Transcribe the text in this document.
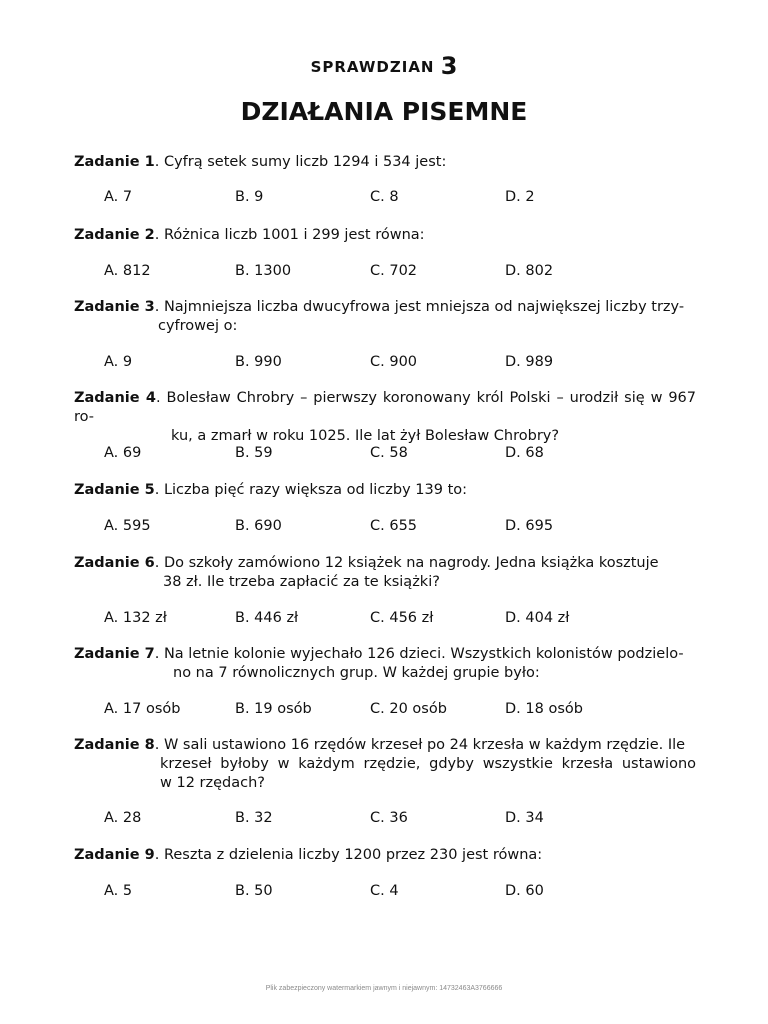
SPRAWDZIAN 3
DZIAŁANIA PISEMNE
Zadanie 1. Cyfrą setek sumy liczb 1294 i 534 jest:
A. 7	B. 9	C. 8	D. 2
Zadanie 2. Różnica liczb 1001 i 299 jest równa:
A. 812	B. 1300	C. 702	D. 802
Zadanie 3. Najmniejsza liczba dwucyfrowa jest mniejsza od największej liczby trzy-
cyfrowej o:
A. 9	B. 990	C. 900	D. 989
Zadanie 4. Bolesław Chrobry – pierwszy koronowany król Polski – urodził się w 967 ro-
ku, a zmarł w roku 1025. Ile lat żył Bolesław Chrobry?
A. 69	B. 59	C. 58	D. 68
Zadanie 5. Liczba pięć razy większa od liczby 139 to:
A. 595	B. 690	C. 655	D. 695
Zadanie 6. Do szkoły zamówiono 12 książek na nagrody. Jedna książka kosztuje
38 zł. Ile trzeba zapłacić za te książki?
A. 132 zł	B. 446 zł	C. 456 zł	D. 404 zł
Zadanie 7. Na letnie kolonie wyjechało 126 dzieci. Wszystkich kolonistów podzielo-
no na 7 równolicznych grup. W każdej grupie było:
A. 17 osób	B. 19 osób	C. 20 osób	D. 18 osób
Zadanie 8. W sali ustawiono 16 rzędów krzeseł po 24 krzesła w każdym rzędzie. Ile
krzeseł byłoby w każdym rzędzie, gdyby wszystkie krzesła ustawiono
w 12 rzędach?
A. 28	B. 32	C. 36	D. 34
Zadanie 9. Reszta z dzielenia liczby 1200 przez 230 jest równa:
A. 5	B. 50	C. 4	D. 60
Plik zabezpieczony watermarkiem jawnym i niejawnym: 14732463A3766666
